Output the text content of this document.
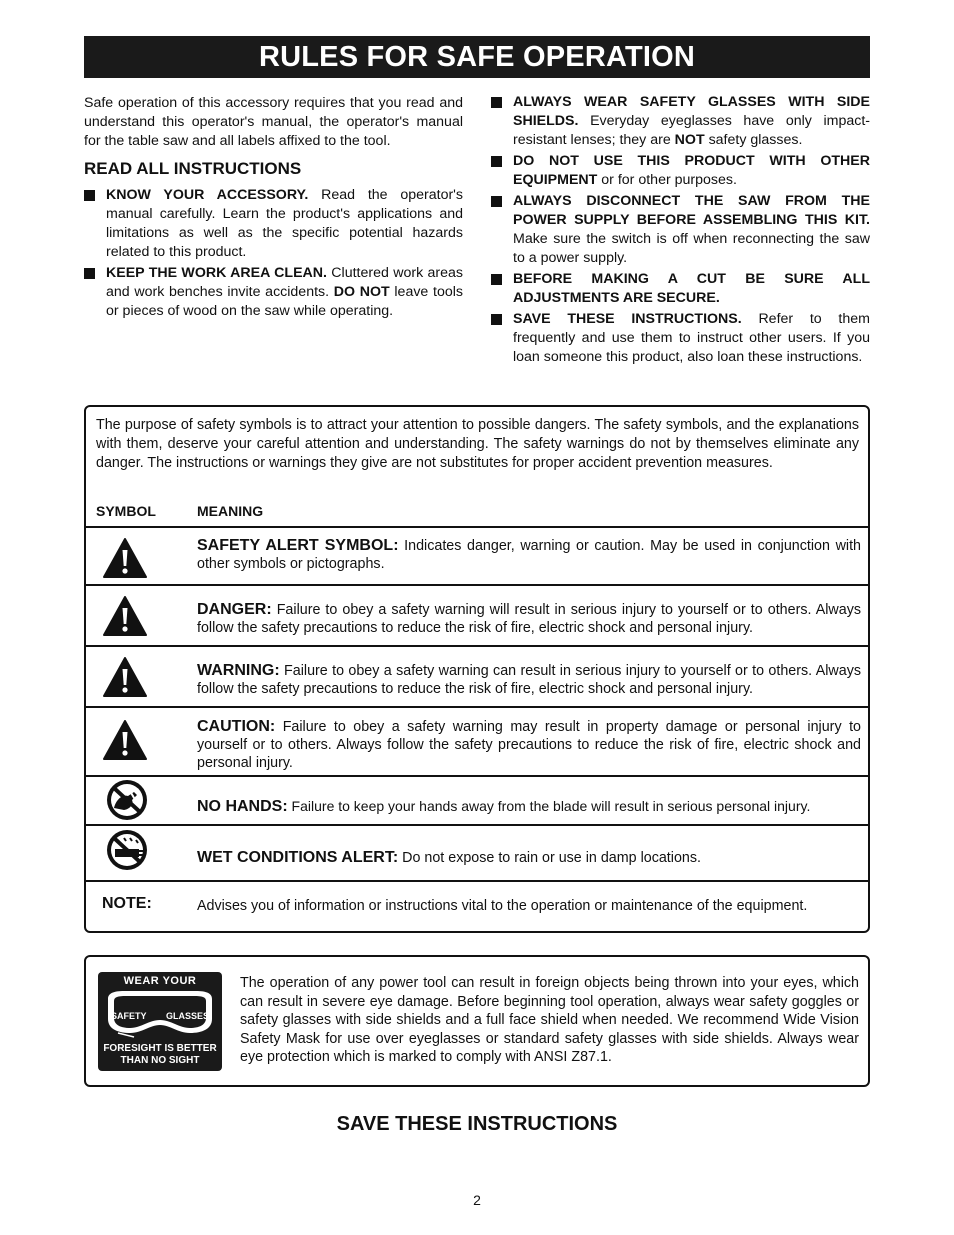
RULES FOR SAFE OPERATION

Safe operation of this accessory requires that you read and understand this operator's manual, the operator's manual for the table saw and all labels affixed to the tool.

READ ALL INSTRUCTIONS
KNOW YOUR ACCESSORY. Read the operator's manual carefully. Learn the product's applications and limitations as well as the specific potential hazards related to this product.
KEEP THE WORK AREA CLEAN. Cluttered work areas and work benches invite accidents. DO NOT leave tools or pieces of wood on the saw while operating.
ALWAYS WEAR SAFETY GLASSES WITH SIDE SHIELDS. Everyday eyeglasses have only impact-resistant lenses; they are NOT safety glasses.
DO NOT USE THIS PRODUCT WITH OTHER EQUIPMENT or for other purposes.
ALWAYS DISCONNECT THE SAW FROM THE POWER SUPPLY BEFORE ASSEMBLING THIS KIT. Make sure the switch is off when reconnecting the saw to a power supply.
BEFORE MAKING A CUT BE SURE ALL ADJUSTMENTS ARE SECURE.
SAVE THESE INSTRUCTIONS. Refer to them frequently and use them to instruct other users. If you loan someone this product, also loan these instructions.
The purpose of safety symbols is to attract your attention to possible dangers. The safety symbols, and the explanations with them, deserve your careful attention and understanding. The safety warnings do not by themselves eliminate any danger. The instructions or warnings they give are not substitutes for proper accident prevention measures.
SYMBOL	MEANING
SAFETY ALERT SYMBOL: Indicates danger, warning or caution. May be used in conjunction with other symbols or pictographs.
DANGER: Failure to obey a safety warning will result in serious injury to yourself or to others. Always follow the safety precautions to reduce the risk of fire, electric shock and personal injury.
WARNING: Failure to obey a safety warning can result in serious injury to yourself or to others. Always follow the safety precautions to reduce the risk of fire, electric shock and personal injury.
CAUTION: Failure to obey a safety warning may result in property damage or personal injury to yourself or to others. Always follow the safety precautions to reduce the risk of fire, electric shock and personal injury.
NO HANDS: Failure to keep your hands away from the blade will result in serious personal injury.
WET CONDITIONS ALERT: Do not expose to rain or use in damp locations.
NOTE:	Advises you of information or instructions vital to the operation or maintenance of the equipment.
WEAR YOUR
SAFETY GLASSES
FORESIGHT IS BETTER
THAN NO SIGHT
The operation of any power tool can result in foreign objects being thrown into your eyes, which can result in severe eye damage. Before beginning tool operation, always wear safety goggles or safety glasses with side shields and a full face shield when needed. We recommend Wide Vision Safety Mask for use over eyeglasses or standard safety glasses with side shields. Always wear eye protection which is marked to comply with ANSI Z87.1.
SAVE THESE INSTRUCTIONS
2
